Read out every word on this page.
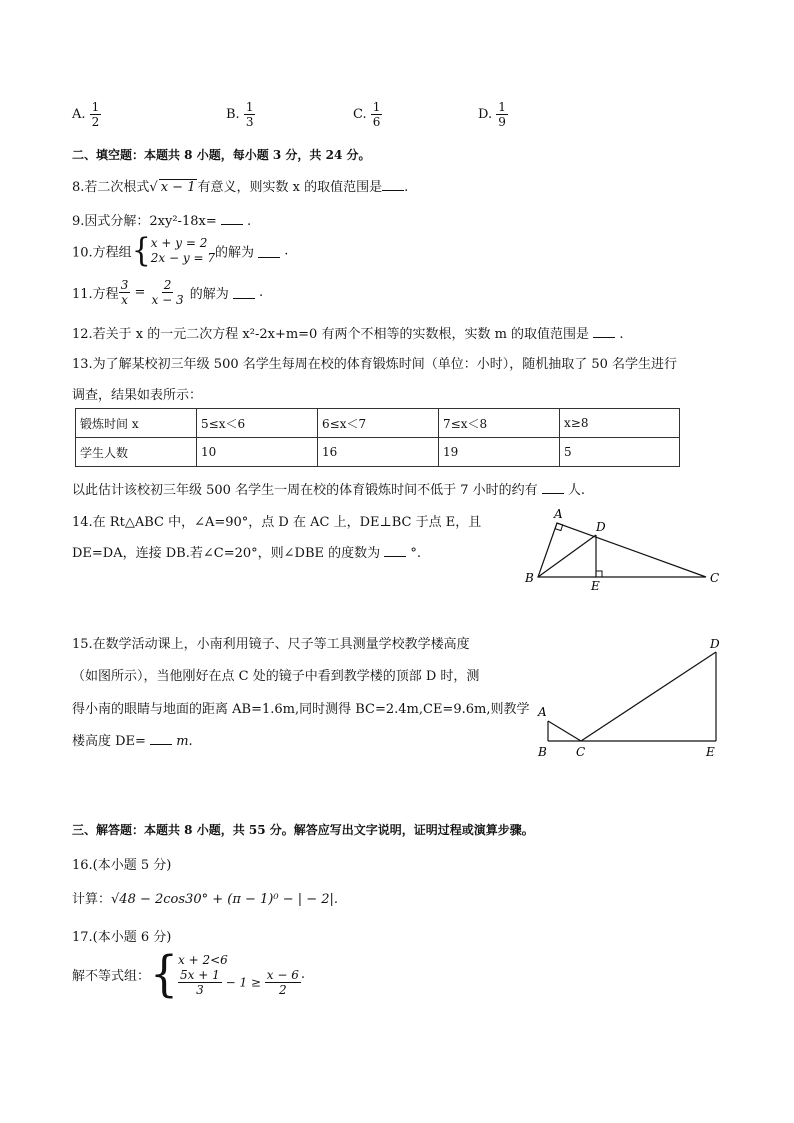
A. $\frac{1}{2}$	B. $\frac{1}{3}$	C. $\frac{1}{6}$	D. $\frac{1}{9}$
二、填空题：本题共 8 小题，每小题 3 分，共 24 分。
8.若二次根式√ x − 1 有意义，则实数 x 的取值范围是 .
9.因式分解：2xy²-18x=  .
10.方程组{ x + y = 2
2x − y = 7 的解为  .
11.方程 $\frac{3}{x} = \frac{2}{x - 3}$ 的解为  .
12.若关于 x 的一元二次方程 x²-2x+m=0 有两个不相等的实数根，实数 m 的取值范围是  .
13.为了解某校初三年级 500 名学生每周在校的体育锻炼时间（单位：小时），随机抽取了 50 名学生进行
调查，结果如表所示：
锻炼时间 x	5≤x＜6	6≤x＜7	7≤x＜8	x≥8
学生人数	10	16	19	5
以此估计该校初三年级 500 名学生一周在校的体育锻炼时间不低于 7 小时的约有 人.
14.在 Rt△ABC 中，∠A=90°，点 D 在 AC 上，DE⊥BC 于点 E，且
DE=DA，连接 DB.若∠C=20°，则∠DBE 的度数为 °.
A
D
B	C
E
15.在数学活动课上，小南利用镜子、尺子等工具测量学校教学楼高度
（如图所示），当他刚好在点 C 处的镜子中看到教学楼的顶部 D 时，测
得小南的眼睛与地面的距离 AB=1.6m,同时测得 BC=2.4m,CE=9.6m,则教学
楼高度 DE= m.
D
A
B C	E
三、解答题：本题共 8 小题，共 55 分。解答应写出文字说明，证明过程或演算步骤。
16.(本小题 5 分)
计算：√48 − 2cos30° + (π − 1)⁰ − | − 2|.
17.(本小题 6 分)
解不等式组：{ x + 2<6
$\frac{5x + 1}{3} - 1 \ge \frac{x - 6}{2}$ .
